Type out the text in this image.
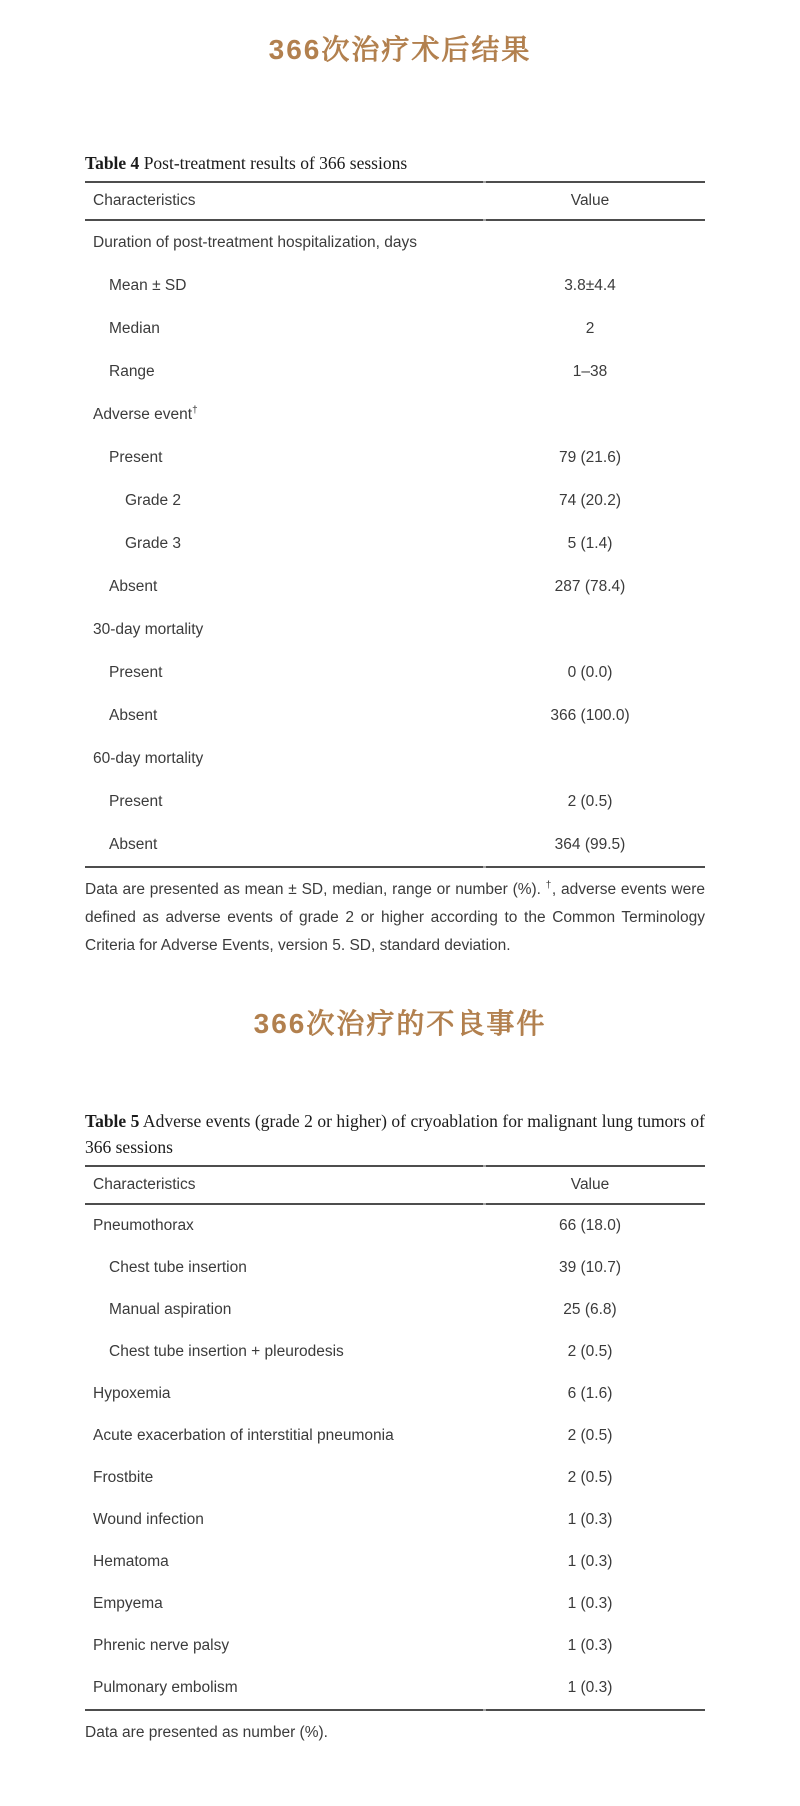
366次治疗术后结果
Table 4 Post-treatment results of 366 sessions
Characteristics	Value
Duration of post-treatment hospitalization, days
Mean ± SD	3.8±4.4
Median	2
Range	1–38
Adverse event†
Present	79 (21.6)
Grade 2	74 (20.2)
Grade 3	5 (1.4)
Absent	287 (78.4)
30-day mortality
Present	0 (0.0)
Absent	366 (100.0)
60-day mortality
Present	2 (0.5)
Absent	364 (99.5)
Data are presented as mean ± SD, median, range or number (%). †, adverse events were defined as adverse events of grade 2 or higher according to the Common Terminology Criteria for Adverse Events, version 5. SD, standard deviation.
366次治疗的不良事件
Table 5 Adverse events (grade 2 or higher) of cryoablation for malignant lung tumors of 366 sessions
Characteristics	Value
Pneumothorax	66 (18.0)
Chest tube insertion	39 (10.7)
Manual aspiration	25 (6.8)
Chest tube insertion + pleurodesis	2 (0.5)
Hypoxemia	6 (1.6)
Acute exacerbation of interstitial pneumonia	2 (0.5)
Frostbite	2 (0.5)
Wound infection	1 (0.3)
Hematoma	1 (0.3)
Empyema	1 (0.3)
Phrenic nerve palsy	1 (0.3)
Pulmonary embolism	1 (0.3)
Data are presented as number (%).
